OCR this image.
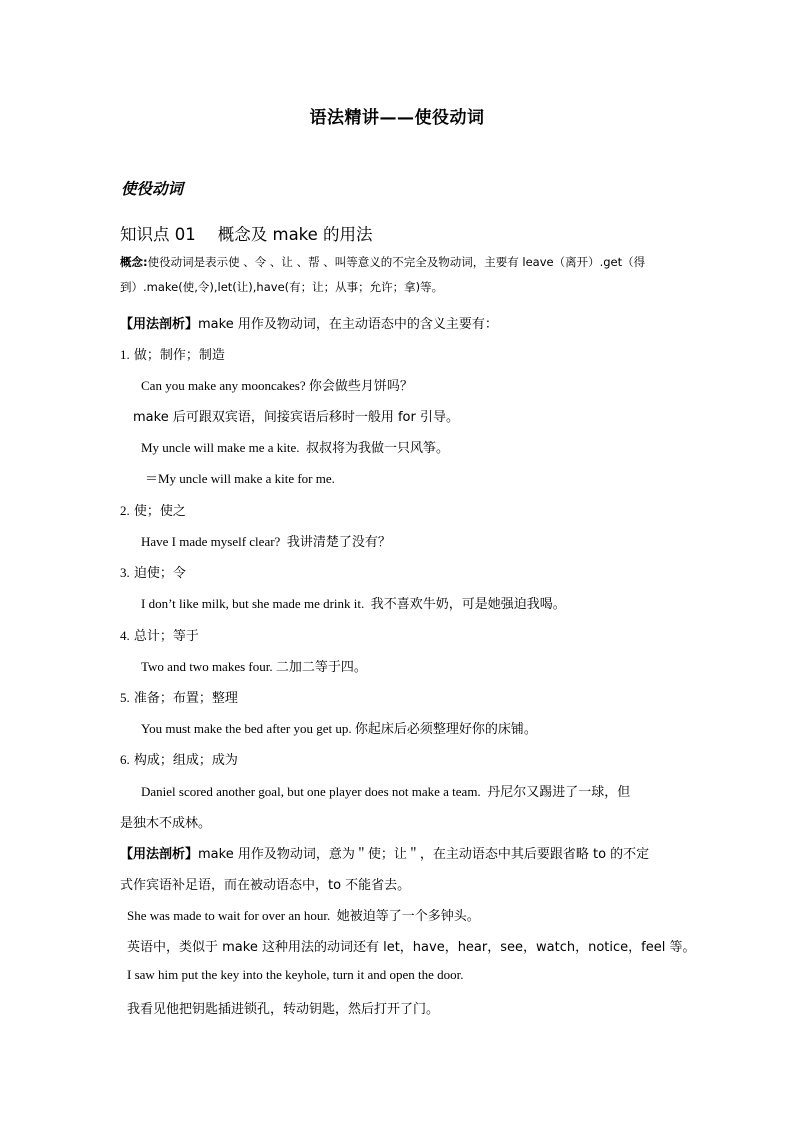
语法精讲——使役动词
使役动词
知识点 01 概念及 make 的用法
概念:使役动词是表示使 、令 、让 、帮 、叫等意义的不完全及物动词，主要有 leave（离开）.get（得
到）.make(使,令),let(让),have(有；让；从事；允许；拿)等。
【用法剖析】make 用作及物动词，在主动语态中的含义主要有：
1. 做；制作；制造
Can you make any mooncakes? 你会做些月饼吗？
make 后可跟双宾语，间接宾语后移时一般用 for 引导。
My uncle will make me a kite. 叔叔将为我做一只风筝。
＝My uncle will make a kite for me.
2. 使；使之
Have I made myself clear? 我讲清楚了没有？
3. 迫使；令
I don’t like milk, but she made me drink it. 我不喜欢牛奶，可是她强迫我喝。
4. 总计；等于
Two and two makes four. 二加二等于四。
5. 准备；布置；整理
You must make the bed after you get up. 你起床后必须整理好你的床铺。
6. 构成；组成；成为
Daniel scored another goal, but one player does not make a team. 丹尼尔又踢进了一球，但
是独木不成林。
【用法剖析】make 用作及物动词，意为＂使；让＂，在主动语态中其后要跟省略 to 的不定
式作宾语补足语，而在被动语态中，to 不能省去。
She was made to wait for over an hour. 她被迫等了一个多钟头。
英语中，类似于 make 这种用法的动词还有 let，have，hear，see，watch，notice，feel 等。
I saw him put the key into the keyhole, turn it and open the door.
我看见他把钥匙插进锁孔，转动钥匙，然后打开了门。
